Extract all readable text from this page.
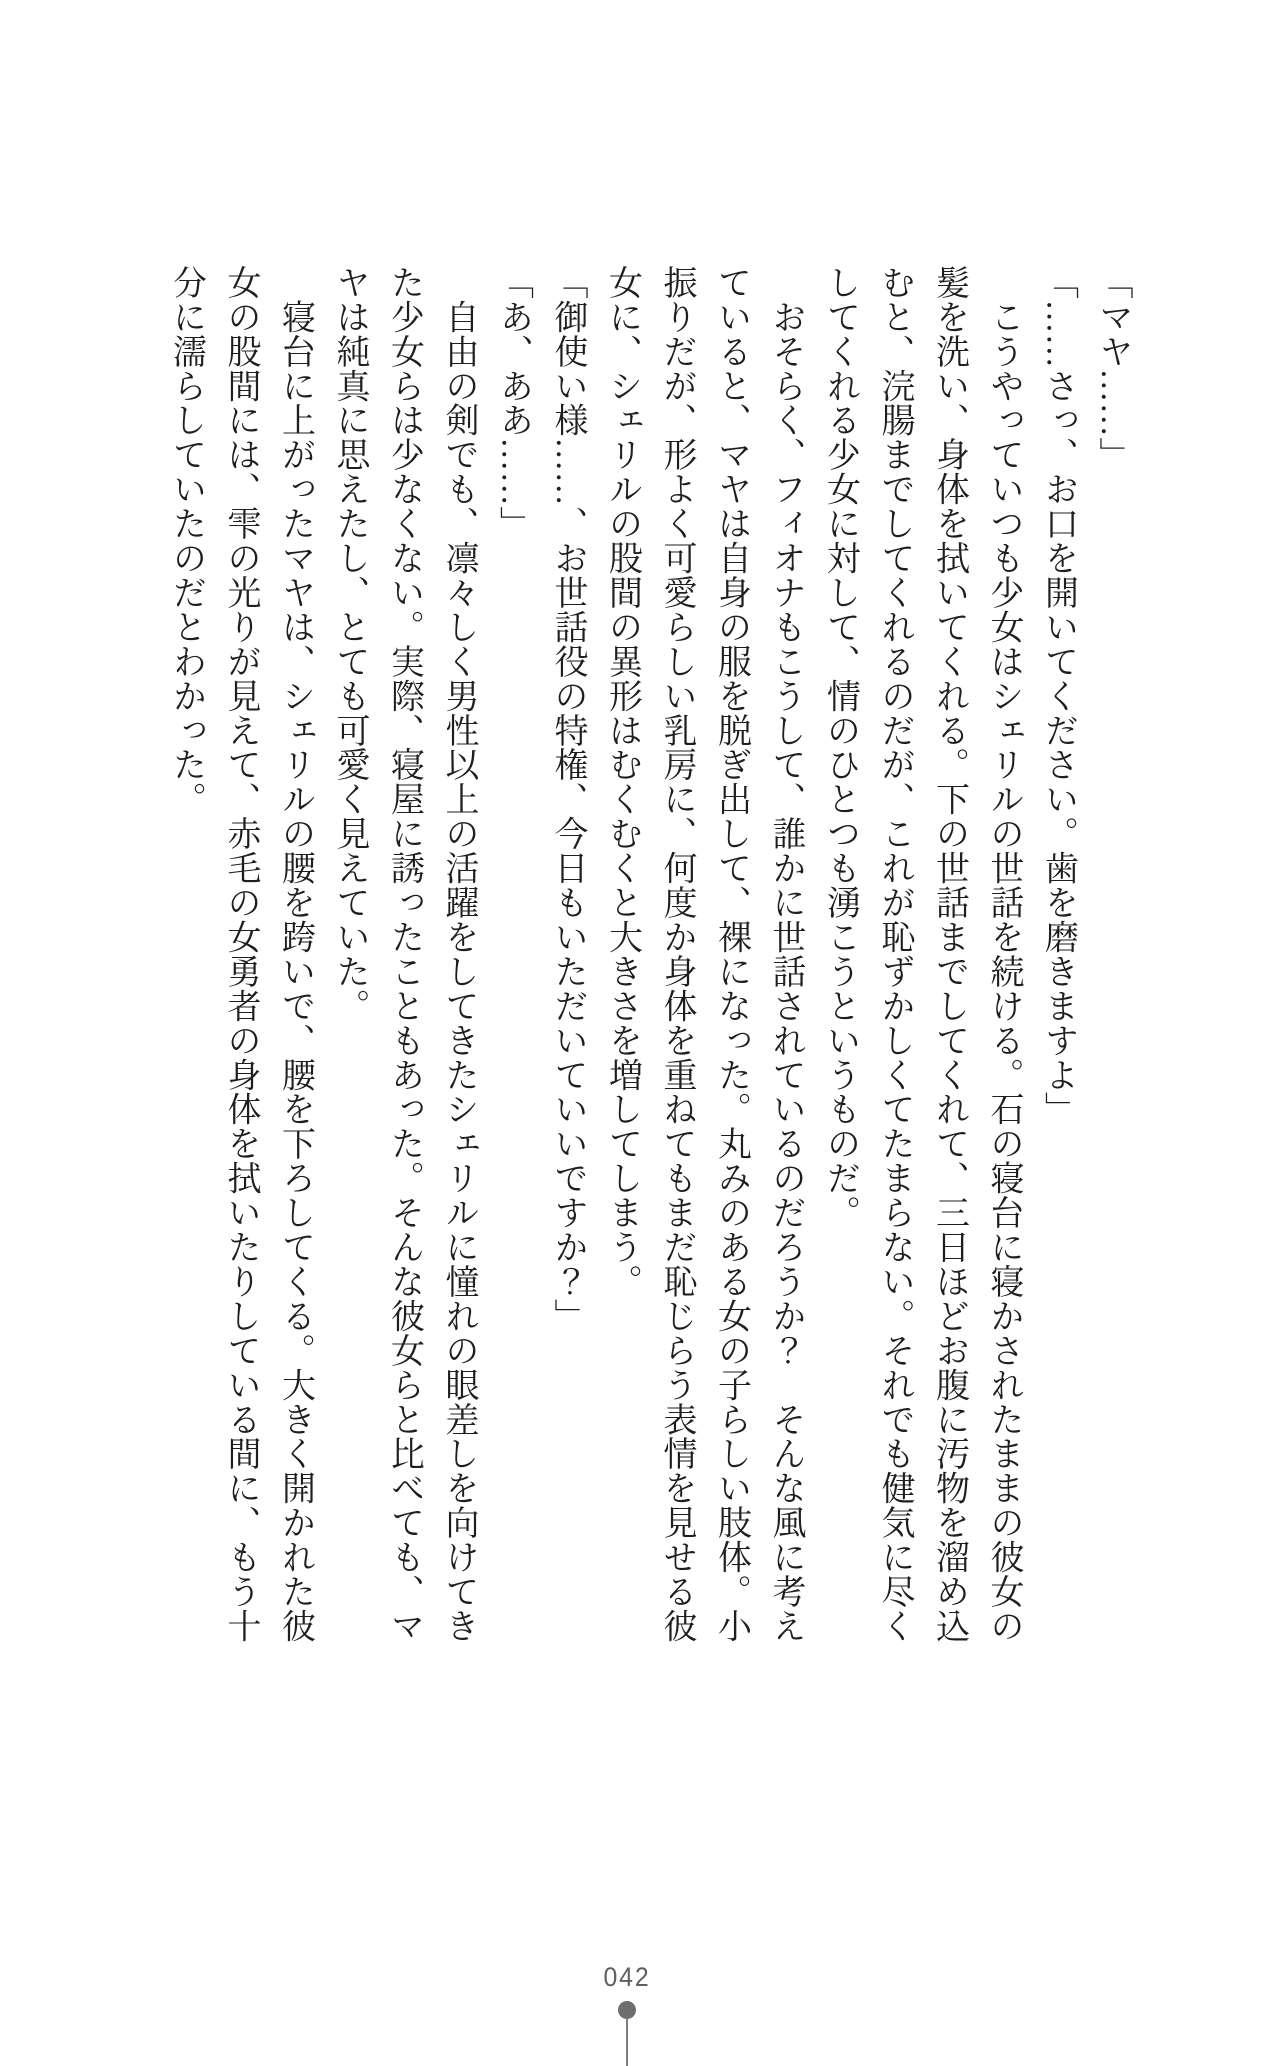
「マヤ……」
「……さっ、お口を開いてください。歯を磨きますよ」
　こうやっていつも少女はシェリルの世話を続ける。石の寝台に寝かされたままの彼女の
髪を洗い、身体を拭いてくれる。下の世話までしてくれて、三日ほどお腹に汚物を溜め込
むと、浣腸までしてくれるのだが、これが恥ずかしくてたまらない。それでも健気に尽く
してくれる少女に対して、情のひとつも湧こうというものだ。
　おそらく、フィオナもこうして、誰かに世話されているのだろうか？　そんな風に考え
ていると、マヤは自身の服を脱ぎ出して、裸になった。丸みのある女の子らしい肢体。小
振りだが、形よく可愛らしい乳房に、何度か身体を重ねてもまだ恥じらう表情を見せる彼
女に、シェリルの股間の異形はむくむくと大きさを増してしまう。
「御使い様……、お世話役の特権、今日もいただいていいですか？」
「あ、ああ……」
　自由の剣でも、凛々しく男性以上の活躍をしてきたシェリルに憧れの眼差しを向けてき
た少女らは少なくない。実際、寝屋に誘ったこともあった。そんな彼女らと比べても、マ
ヤは純真に思えたし、とても可愛く見えていた。
　寝台に上がったマヤは、シェリルの腰を跨いで、腰を下ろしてくる。大きく開かれた彼
女の股間には、雫の光りが見えて、赤毛の女勇者の身体を拭いたりしている間に、もう十
分に濡らしていたのだとわかった。
042
